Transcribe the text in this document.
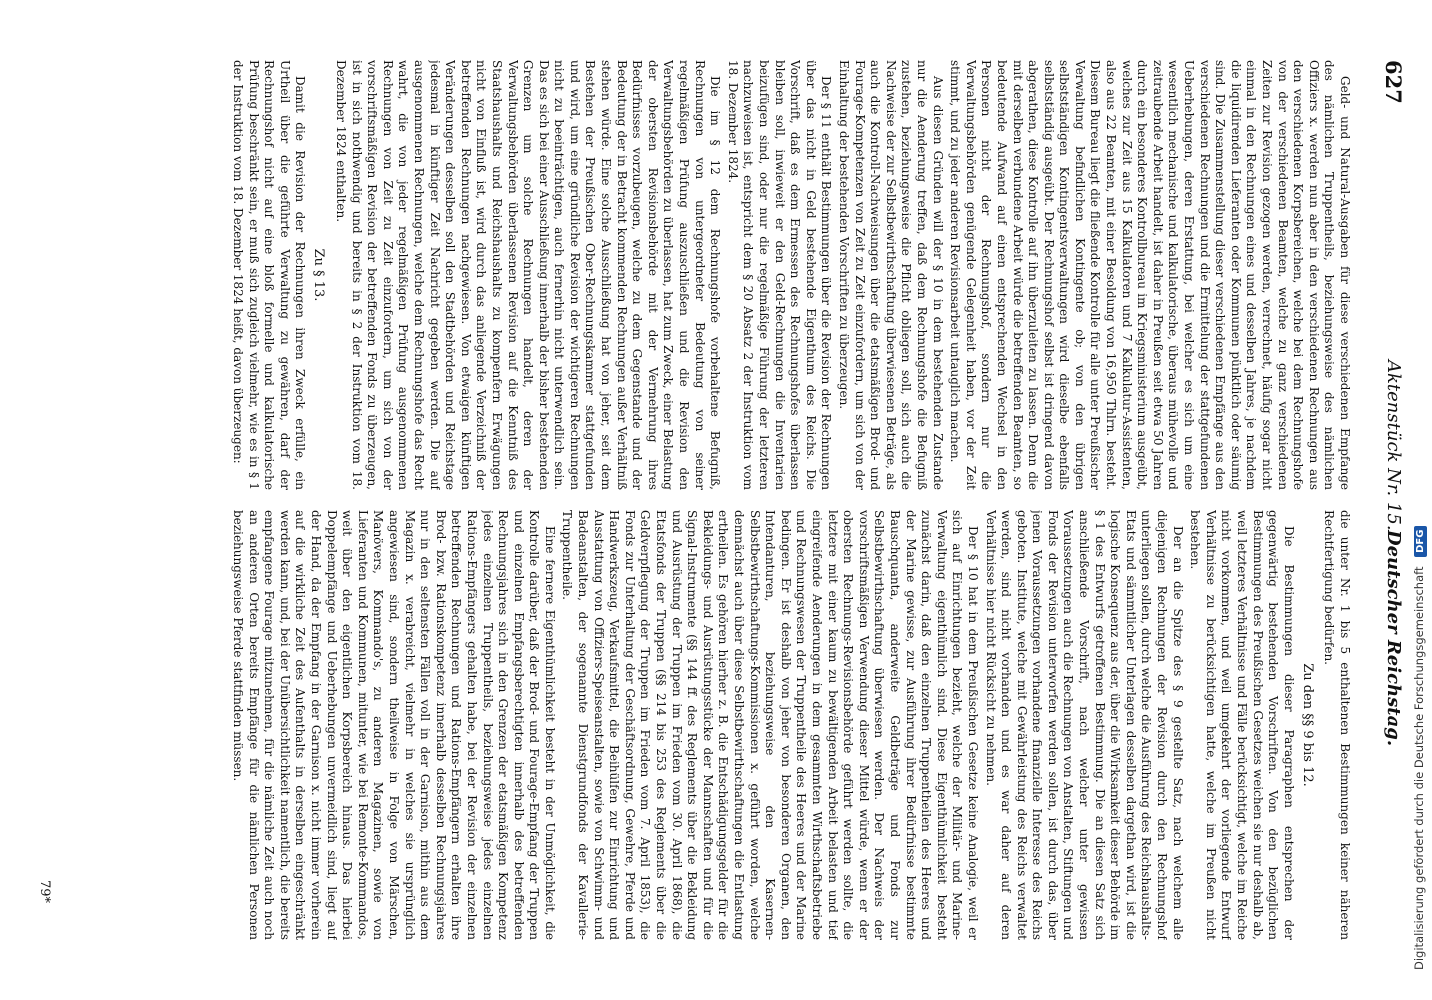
627
Aktenstück Nr. 15.
Deutscher Reichstag.

Geld- und Natural-Ausgaben für diese verschiedenen Empfange des nämlichen Truppentheils, beziehungsweise des nämlichen Offiziers x. werden nun aber in den verschiedenen Rechnungen aus den verschiedenen Korpsbereichen, welche bei dem Rechnungshofe von der verschiedenen Beamten, welche zu ganz verschiedenen Zeiten zur Revision gezogen werden, verrechnet, häufig sogar nicht einmal in den Rechnungen eines und desselben Jahres, je nachdem die liquidirenden Lieferanten oder Kommunen pünktlich oder säumig sind. Die Zusammenstellung dieser verschiedenen Empfänge aus den verschiedenen Rechnungen und die Ermittelung der stattgefundenen Ueberhebungen, deren Erstattung, bei welcher es sich um eine wesentlich mechanische und kalkulatorische, überaus mühevolle und zeitraubende Arbeit handelt, ist daher in Preußen seit etwa 50 Jahren durch ein besonderes Kontrollbureau im Kriegsministerium ausgeübt, welches zur Zeit aus 15 Kalkulatoren und 7 Kalkulatur-Assistenten, also aus 22 Beamten, mit einer Besoldung von 16,950 Thlrn. besteht. Diesem Bureau liegt die fließende Kontrolle für alle unter Preußischer Verwaltung befindlichen Kontingente ob; von den übrigen selbstständigen Kontingentsverwaltungen wird dieselbe ebenfalls selbstständig ausgeübt. Der Rechnungshof selbst ist dringend davon abgerathen, diese Kontrolle auf ihn überzuleiten zu lassen. Denn die mit derselben verbundene Arbeit würde die betreffenden Beamten, so bedeutende Aufwand auf einen entsprechenden Wechsel in den Personen nicht der Rechnungshof, sondern nur die Verwaltungsbehörden genügende Gelegenheit haben, vor der Zeit stimmt, und zu jeder anderen Revisionsarbeit untauglich machen.

Aus diesen Gründen will der § 10 in dem bestehenden Zustande nur die Aenderung treffen, daß dem Rechnungshofe die Befugniß zustehen, beziehungsweise die Pflicht obliegen soll, sich auch die Nachweise der zur Selbstbewirthschaftung überwiesenen Beträge, als auch die Kontroll-Nachweisungen über die etatsmäßigen Brod- und Fourage-Kompetenzen von Zeit zu Zeit einzufordern, um sich von der Einhaltung der bestehenden Vorschriften zu überzeugen.

Der § 11 enthält Bestimmungen über die Revision der Rechnungen über das nicht in Geld bestehende Eigenthum des Reichs. Die Vorschrift, daß es dem Ermessen des Rechnungshofes überlassen bleiben soll, inwieweit er den Geld-Rechnungen die Inventarien beizufügen sind, oder nur die regelmäßige Führung der letzteren nachzuweisen ist, entspricht dem § 20 Absatz 2 der Instruktion vom 18. Dezember 1824.

Die im § 12 dem Rechnungshofe vorbehaltene Befugniß, Rechnungen von untergeordneter Bedeutung von seiner regelmäßigen Prüfung auszuschließen und die Revision den Verwaltungsbehörden zu überlassen, hat zum Zweck, einer Belastung der obersten Revisionsbehörde mit der Vermehrung ihres Bedürfnisses vorzubeugen, welche zu dem Gegenstande und der Bedeutung der in Betracht kommenden Rechnungen außer Verhältniß stehen würde. Eine solche Ausschließung hat von jeher, seit dem Bestehen der Preußischen Ober-Rechnungskammer stattgefunden und wird, um eine gründliche Revision der wichtigeren Rechnungen nicht zu beeinträchtigen, auch fernerhin nicht unterwendlich sein. Das es sich bei einer Ausschließung innerhalb der bisher bestehenden Grenzen um solche Rechnungen handelt, deren der Verwaltungsbehörden überlassenen Revision auf die Kenntniß des Staatshaushalts und Reichshaushalts zu kompenfern Erwägungen nicht von Einfluß ist, wird durch das anliegende Verzeichniß der betreffenden Rechnungen nachgewiesen. Von etwaigen künftigen Veränderungen desselben soll den Stadtbehörden und Reichstage jedesmal in künftiger Zeit Nachricht gegeben werden. Die auf ausgenommenen Rechnungen, welche dem Rechnungshofe das Recht wahrt, die von jeder regelmäßigen Prüfung ausgenommenen Rechnungen von Zeit zu Zeit einzufordern, um sich von der vorschriftsmäßigen Revision der betreffenden Fonds zu überzeugen, ist in sich nothwendig und bereits in § 2 der Instruktion vom 18. Dezember 1824 enthalten.

Zu § 13.

Damit die Revision der Rechnungen ihren Zweck erfülle, ein Urtheil über die geführte Verwaltung zu gewähren, darf der Rechnungshof nicht auf eine bloß formelle und kalkulatorische Prüfung beschränkt sein, er muß sich zugleich vielmehr, wie es in § 1 der Instruktion vom 18. Dezember 1824 heißt, davon überzeugen:

die unter Nr. 1 bis 5 enthaltenen Bestimmungen keiner näheren Rechtfertigung bedürfen.

Zu den §§ 9 bis 12.

Die Bestimmungen dieser Paragraphen entsprechen der gegenwärtig bestehenden Vorschriften. Von den bezüglichen Bestimmungen des Preußischen Gesetzes weichen sie nur deshalb ab, weil letzteres Verhältnisse und Fälle berücksichtigt, welche im Reiche nicht vorkommen, und weil umgekehrt der vorliegende Entwurf Verhältnisse zu berücksichtigen hatte, welche im Preußen nicht bestehen.

Der an die Spitze des § 9 gestellte Satz, nach welchem alle diejenigen Rechnungen der Revision durch den Rechnungshof unterliegen sollen, durch welche die Ausführung des Reichshaushalts-Etats und sämmtlicher Unterlagen desselben dargethan wird, ist die logische Konsequenz aus der, über die Wirksamkeit dieser Behörde im § 1 des Entwurfs getroffenen Bestimmung. Die an diesen Satz sich anschließende Vorschrift, nach welcher unter gewissen Voraussetzungen auch die Rechnungen von Anstalten, Stiftungen und Fonds der Revision unterworfen werden sollen, ist durch das, über jenen Voraussetzungen vorhandene finanzielle Interesse des Reichs geboten. Institute, welche mit Gewährleistung des Reichs verwaltet werden, sind nicht vorhanden und es war daher auf deren Verhältnisse hier nicht Rücksicht zu nehmen.

Der § 10 hat in dem Preußischen Gesetze keine Analogie, weil er sich auf Einrichtungen bezieht, welche der Militär- und Marine-Verwaltung eigenthümlich sind. Diese Eigenthümlichkeit besteht zunächst darin, daß den einzelnen Truppentheilen des Heeres und der Marine gewisse, zur Ausführung ihrer Bedürfnisse bestimmte Bauschquanta, anderweite Geldbeträge und Fonds zur Selbstbewirthschaftung überwiesen werden. Der Nachweis der vorschriftsmäßigen Verwendung dieser Mittel würde, wenn er der obersten Rechnungs-Revisionsbehörde geführt werden sollte, die letztere mit einer kaum zu bewältigenden Arbeit belasten und tief eingreifende Aenderungen in dem gesammten Wirthschaftsbetriebe und Rechnungswesen der Truppentheile des Heeres und der Marine bedingen. Er ist deshalb von jeher von besonderen Organen, den Intendanturen, beziehungsweise den Kasernen-Selbstbewirthschaftungs-Kommissionen x. geführt worden, welche demnächst auch über diese Selbstbewirthschaftungen die Entlastung ertheilen. Es gehören hierher z. B. die Entschädigungsgelder für die Bekleidungs- und Ausrüstungsstücke der Mannschaften und für die Signal-Instrumente (§§ 144 ff. des Reglements über die Bekleidung und Ausrüstung der Truppen im Frieden vom 30. April 1868), die Etatsfonds der Truppen (§§ 214 bis 253 des Reglements über die Geldverpflegung der Truppen im Frieden vom 7. April 1853), die Fonds zur Unterhaltung der Geschäftsordnung, Gewehre, Pferde und Handwerkszeug, Verkaufsmittel, die Beihülfen zur Einrichtung und Ausstattung von Offiziers-Speiseanstalten, sowie von Schwimm- und Badeanstalten, der sogenannte Dienstgrundfonds der Kavallerie-Truppentheile.

Eine fernere Eigenthümlichkeit besteht in der Unmöglichkeit, die Kontrolle darüber, daß der Brod- und Fourage-Empfang der Truppen und einzelnen Empfangsberechtigten innerhalb des betreffenden Rechnungsjahres sich in den Grenzen der etatsmäßigen Kompetenz jedes einzelnen Truppentheils, beziehungsweise jedes einzelnen Rations-Empfängers gehalten habe, bei der Revision der einzelnen betreffenden Rechnungen und Rations-Empfängern erhalten ihre Brod- bzw. Rationskompetenz innerhalb desselben Rechnungsjahres nur in den seltensten Fällen voll in der Garnison, mithin aus dem Magazin x. verabreicht, vielmehr in welches sie ursprünglich angewiesen sind, sondern theilweise in Folge von Märschen, Manövers, Kommando's, zu anderen Magazinen, sowie von Lieferanten und Kommunen, mitunter, wie bei Remonte-Kommandos, weit über den eigentlichen Korpsbereich hinaus. Das hierbei Doppelempfänge und Ueberhebungen unvermeidlich sind, liegt auf der Hand, da der Empfang in der Garnison x. nicht immer vorherein auf die wirkliche Zeit des Aufenthalts in derselben eingeschränkt werden kann, und, bei der Unübersichtlichkeit namentlich, die bereits empfangene Fourage mitzunehmen, für die nämliche Zeit auch noch an anderen Orten bereits Empfänge für die nämlichen Personen beziehungsweise Pferde stattfinden müssen.

79*	Digitalisierung gefördert durch die Deutsche Forschungsgemeinschaft DFG
